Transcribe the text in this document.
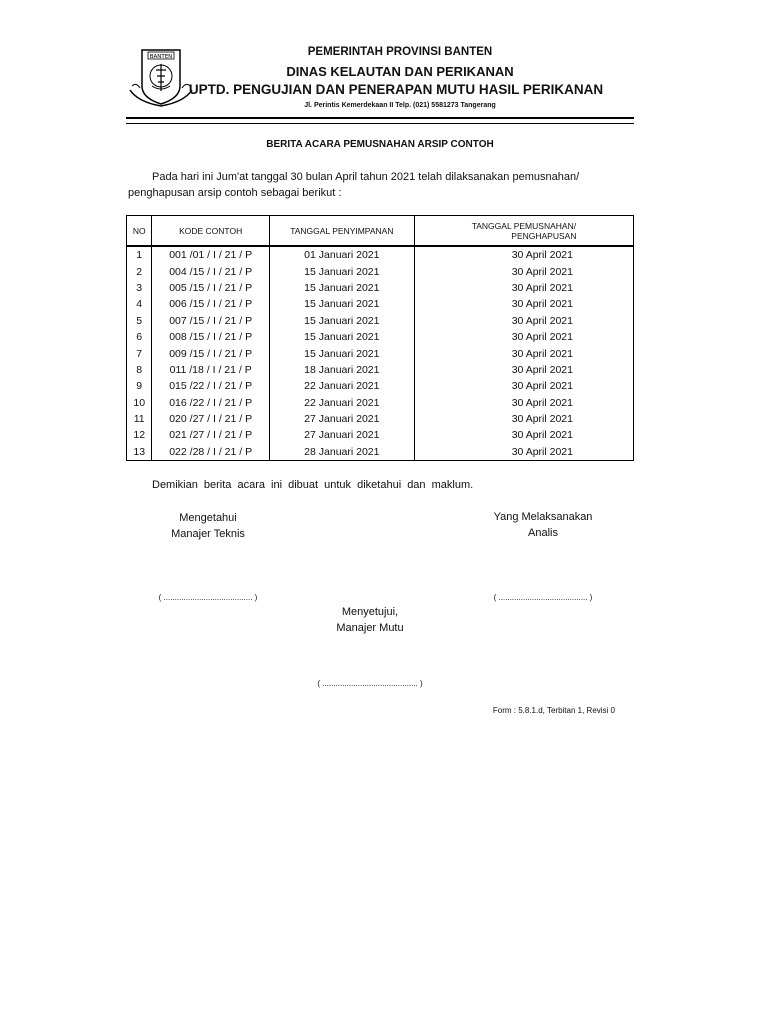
BANTEN	PEMERINTAH PROVINSI BANTEN
DINAS KELAUTAN DAN PERIKANAN
UPTD. PENGUJIAN DAN PENERAPAN MUTU HASIL PERIKANAN
Jl. Perintis Kemerdekaan II Telp. (021) 5581273 Tangerang
BERITA ACARA PEMUSNAHAN ARSIP CONTOH
Pada hari ini Jum'at tanggal 30 bulan April tahun 2021 telah dilaksanakan pemusnahan/
penghapusan arsip contoh sebagai berikut :
NO	KODE CONTOH	TANGGAL PENYIMPANAN	TANGGAL PEMUSNAHAN/
PENGHAPUSAN

1	001 /01 / I / 21 / P	01 Januari 2021	30 April 2021
2	004 /15 / I / 21 / P	15 Januari 2021	30 April 2021
3	005 /15 / I / 21 / P	15 Januari 2021	30 April 2021
4	006 /15 / I / 21 / P	15 Januari 2021	30 April 2021
5	007 /15 / I / 21 / P	15 Januari 2021	30 April 2021
6	008 /15 / I / 21 / P	15 Januari 2021	30 April 2021
7	009 /15 / I / 21 / P	15 Januari 2021	30 April 2021
8	011 /18 / I / 21 / P	18 Januari 2021	30 April 2021
9	015 /22 / I / 21 / P	22 Januari 2021	30 April 2021
10	016 /22 / I / 21 / P	22 Januari 2021	30 April 2021
11	020 /27 / I / 21 / P	27 Januari 2021	30 April 2021
12	021 /27 / I / 21 / P	27 Januari 2021	30 April 2021
13	022 /28 / I / 21 / P	28 Januari 2021	30 April 2021
Demikian berita acara ini dibuat untuk diketahui dan maklum.
Mengetahui
Manajer Teknis
Yang Melaksanakan
Analis
( ........................................ )	( ........................................ )
Menyetujui,
Manajer Mutu
( ........................................... )
Form : 5.8.1.d, Terbitan 1, Revisi 0
